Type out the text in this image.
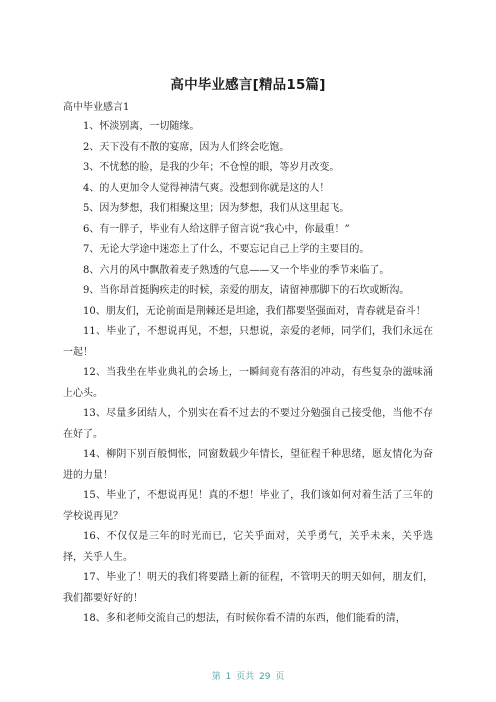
高中毕业感言[精品15篇]
高中毕业感言1

1、怀淡别离，一切随缘。

2、天下没有不散的宴席，因为人们终会吃饱。

3、不忧愁的脸，是我的少年；不仓惶的眼，等岁月改变。

4、的人更加令人觉得神清气爽。没想到你就是这的人！

5、因为梦想，我们相聚这里；因为梦想，我们从这里起飞。

6、有一胖子，毕业有人给这胖子留言说“我心中，你最重！”

7、无论大学途中迷恋上了什么，不要忘记自己上学的主要目的。

8、六月的风中飘散着麦子熟透的气息——又一个毕业的季节来临了。

9、当你昂首挺胸疾走的时候，亲爱的朋友，请留神那脚下的石坎或断沟。

10、朋友们，无论前面是荆棘还是坦途，我们都要坚强面对，青春就是奋斗！

11、毕业了，不想说再见，不想，只想说，亲爱的老师，同学们，我们永远在一起！

12、当我坐在毕业典礼的会场上，一瞬间竟有落泪的冲动，有些复杂的滋味涌上心头。

13、尽量多团结人，个别实在看不过去的不要过分勉强自己接受他，当他不存在好了。

14、柳阴下别百般惆怅，同窗数载少年情长，望征程千种思绪，愿友情化为奋进的力量！

15、毕业了，不想说再见！真的不想！毕业了，我们该如何对着生活了三年的学校说再见？

16、不仅仅是三年的时光而已，它关乎面对，关乎勇气，关乎未来，关乎选择，关乎人生。

17、毕业了！明天的我们将要踏上新的征程，不管明天的明天如何，朋友们，我们都要好好的！

18、多和老师交流自己的想法，有时候你看不清的东西，他们能看的清，

第 1 页共 29 页
